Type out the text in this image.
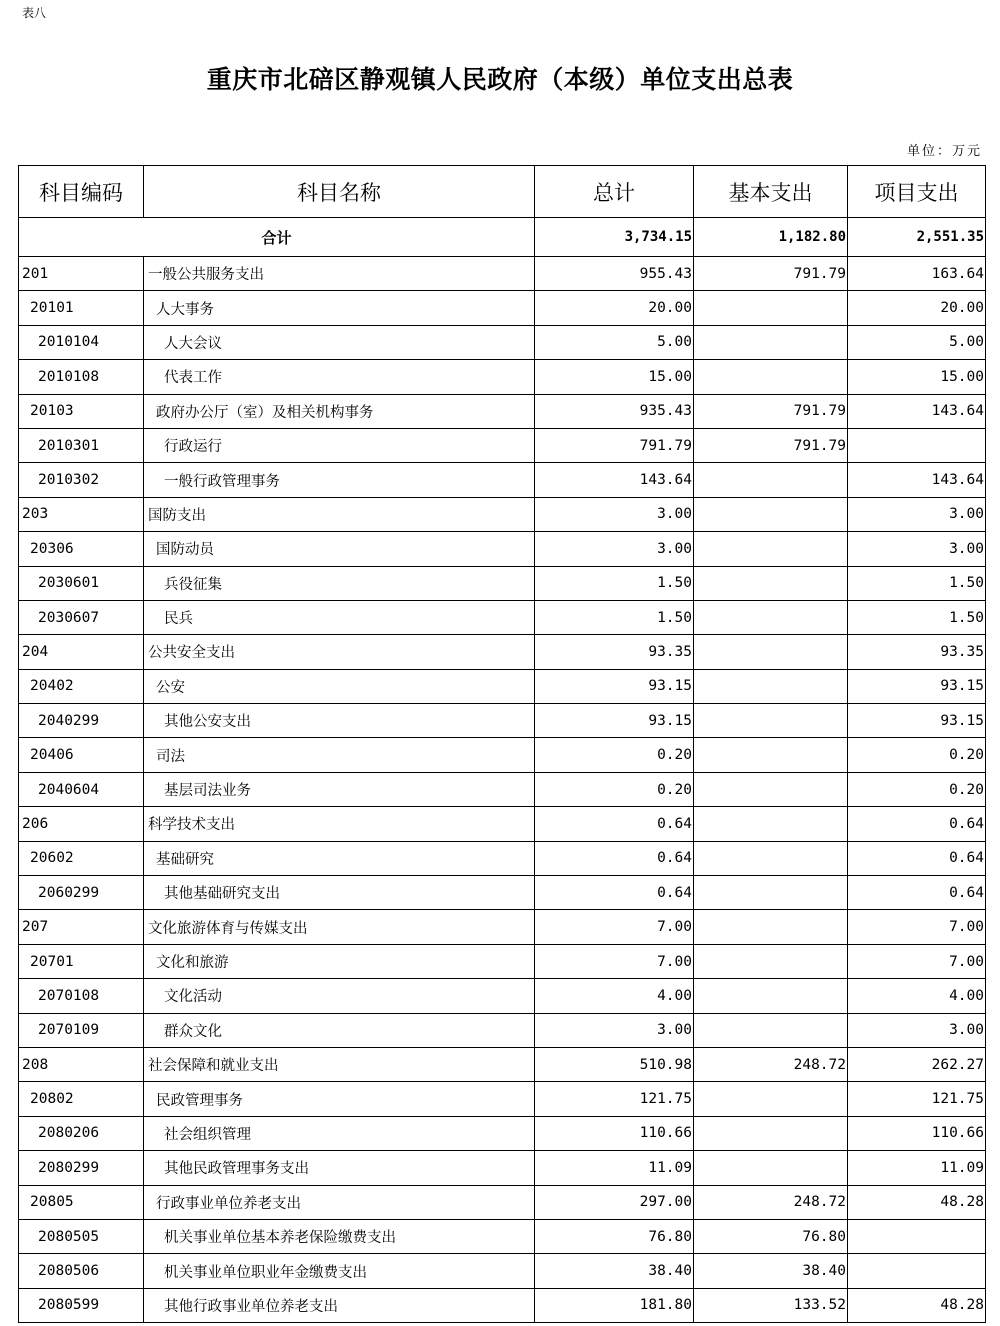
表八
重庆市北碚区静观镇人民政府（本级）单位支出总表
单位：万元
科目编码	科目名称	总计	基本支出	项目支出
合计		3,734.15	1,182.80	2,551.35
201	一般公共服务支出	955.43	791.79	163.64
20101	人大事务	20.00		20.00
2010104	人大会议	5.00		5.00
2010108	代表工作	15.00		15.00
20103	政府办公厅（室）及相关机构事务	935.43	791.79	143.64
2010301	行政运行	791.79	791.79	
2010302	一般行政管理事务	143.64		143.64
203	国防支出	3.00		3.00
20306	国防动员	3.00		3.00
2030601	兵役征集	1.50		1.50
2030607	民兵	1.50		1.50
204	公共安全支出	93.35		93.35
20402	公安	93.15		93.15
2040299	其他公安支出	93.15		93.15
20406	司法	0.20		0.20
2040604	基层司法业务	0.20		0.20
206	科学技术支出	0.64		0.64
20602	基础研究	0.64		0.64
2060299	其他基础研究支出	0.64		0.64
207	文化旅游体育与传媒支出	7.00		7.00
20701	文化和旅游	7.00		7.00
2070108	文化活动	4.00		4.00
2070109	群众文化	3.00		3.00
208	社会保障和就业支出	510.98	248.72	262.27
20802	民政管理事务	121.75		121.75
2080206	社会组织管理	110.66		110.66
2080299	其他民政管理事务支出	11.09		11.09
20805	行政事业单位养老支出	297.00	248.72	48.28
2080505	机关事业单位基本养老保险缴费支出	76.80	76.80	
2080506	机关事业单位职业年金缴费支出	38.40	38.40	
2080599	其他行政事业单位养老支出	181.80	133.52	48.28
